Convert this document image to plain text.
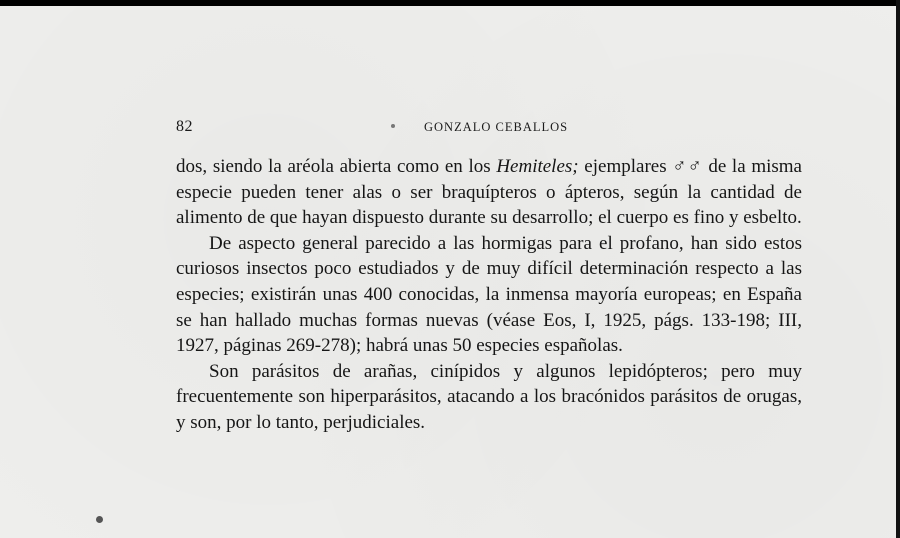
82	GONZALO CEBALLOS

dos, siendo la aréola abierta como en los Hemiteles; ejemplares ♂♂ de la misma especie pueden tener alas o ser braquípteros o ápteros, según la cantidad de alimento de que hayan dispuesto durante su desarrollo; el cuerpo es fino y esbelto.

De aspecto general parecido a las hormigas para el profano, han sido estos curiosos insectos poco estudiados y de muy difícil determinación respecto a las especies; existirán unas 400 conocidas, la inmensa mayoría europeas; en España se han hallado muchas formas nuevas (véase Eos, I, 1925, págs. 133-198; III, 1927, páginas 269-278); habrá unas 50 especies españolas.

Son parásitos de arañas, cinípidos y algunos lepidópteros; pero muy frecuentemente son hiperparásitos, atacando a los bracónidos parásitos de orugas, y son, por lo tanto, perjudiciales.
